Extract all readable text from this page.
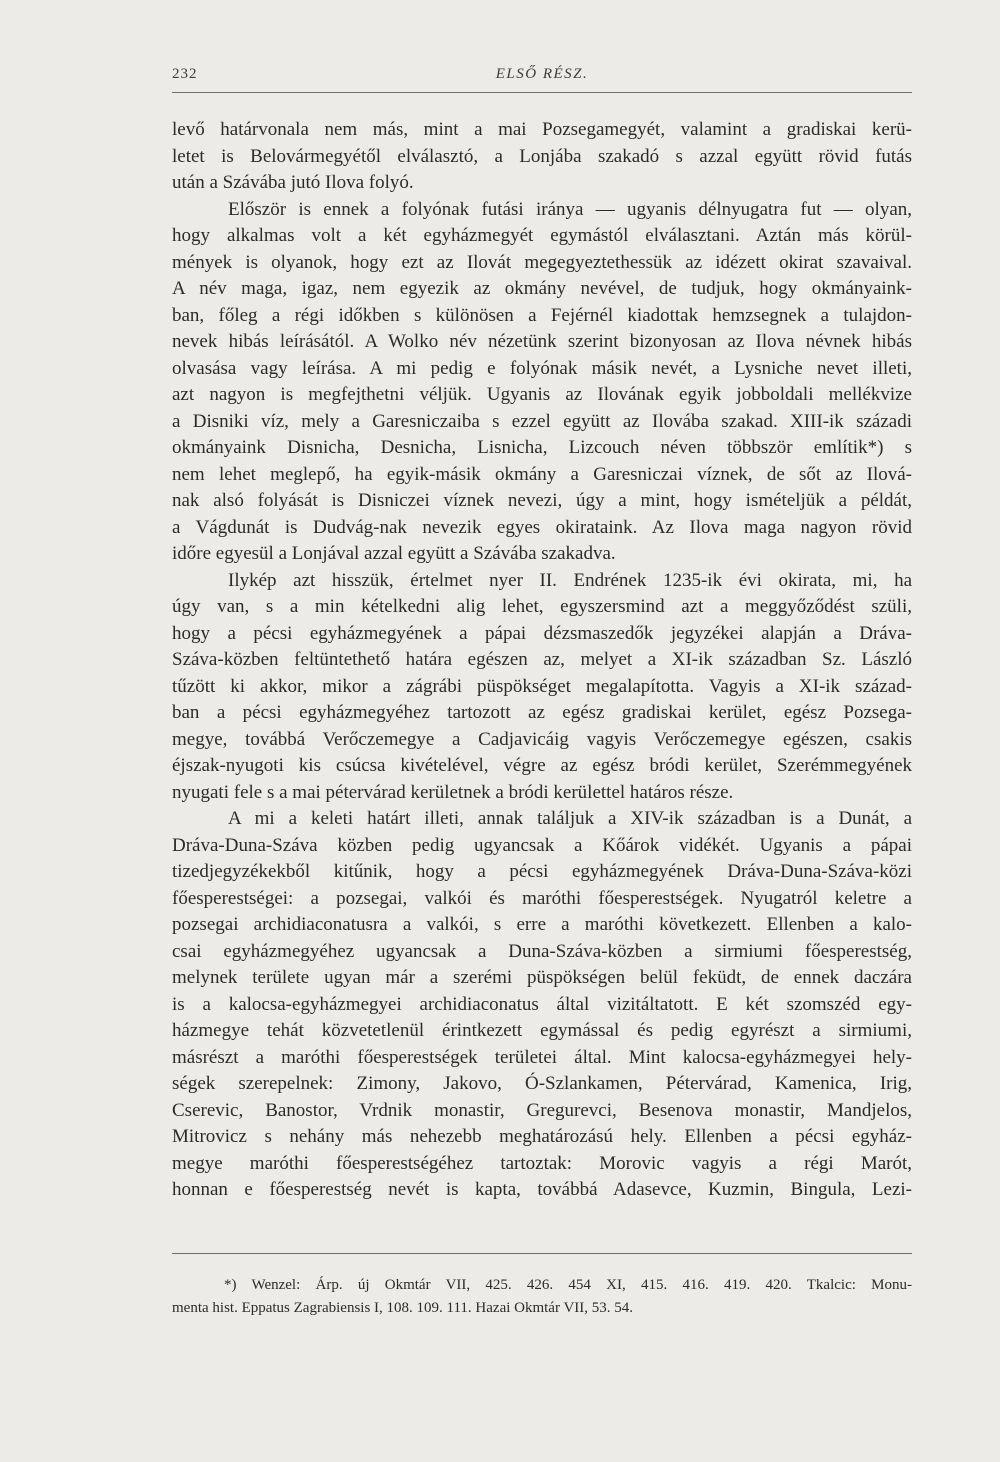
232	ELSŐ RÉSZ.
levő határvonala nem más, mint a mai Pozsegamegyét, valamint a gradiskai kerü-
letet is Belovármegyétől elválasztó, a Lonjába szakadó s azzal együtt rövid futás
után a Szávába jutó Ilova folyó.
Először is ennek a folyónak futási iránya — ugyanis délnyugatra fut — olyan,
hogy alkalmas volt a két egyházmegyét egymástól elválasztani. Aztán más körül-
mények is olyanok, hogy ezt az Ilovát megegyeztethessük az idézett okirat szavaival.
A név maga, igaz, nem egyezik az okmány nevével, de tudjuk, hogy okmányaink-
ban, főleg a régi időkben s különösen a Fejérnél kiadottak hemzsegnek a tulajdon-
nevek hibás leírásától. A Wolko név nézetünk szerint bizonyosan az Ilova névnek hibás
olvasása vagy leírása. A mi pedig e folyónak másik nevét, a Lysniche nevet illeti,
azt nagyon is megfejthetni véljük. Ugyanis az Ilovának egyik jobboldali mellékvize
a Disniki víz, mely a Garesniczaiba s ezzel együtt az Ilovába szakad. XIII-ik századi
okmányaink Disnicha, Desnicha, Lisnicha, Lizcouch néven többször említik*) s
nem lehet meglepő, ha egyik-másik okmány a Garesniczai víznek, de sőt az Ilová-
nak alsó folyását is Disniczei víznek nevezi, úgy a mint, hogy ismételjük a példát,
a Vágdunát is Dudvág-nak nevezik egyes okirataink. Az Ilova maga nagyon rövid
időre egyesül a Lonjával azzal együtt a Szávába szakadva.
Ilykép azt hisszük, értelmet nyer II. Endrének 1235-ik évi okirata, mi, ha
úgy van, s a min kételkedni alig lehet, egyszersmind azt a meggyőződést szüli,
hogy a pécsi egyházmegyének a pápai dézsmaszedők jegyzékei alapján a Dráva-
Száva-közben feltüntethető határa egészen az, melyet a XI-ik században Sz. László
tűzött ki akkor, mikor a zágrábi püspökséget megalapította. Vagyis a XI-ik század-
ban a pécsi egyházmegyéhez tartozott az egész gradiskai kerület, egész Pozsega-
megye, továbbá Verőczemegye a Cadjavicáig vagyis Verőczemegye egészen, csakis
éjszak-nyugoti kis csúcsa kivételével, végre az egész bródi kerület, Szerémmegyének
nyugati fele s a mai pétervárad kerületnek a bródi kerülettel határos része.
A mi a keleti határt illeti, annak találjuk a XIV-ik században is a Dunát, a
Dráva-Duna-Száva közben pedig ugyancsak a Kőárok vidékét. Ugyanis a pápai
tizedjegyzékekből kitűnik, hogy a pécsi egyházmegyének Dráva-Duna-Száva-közi
főesperestségei: a pozsegai, valkói és maróthi főesperestségek. Nyugatról keletre a
pozsegai archidiaconatusra a valkói, s erre a maróthi következett. Ellenben a kalo-
csai egyházmegyéhez ugyancsak a Duna-Száva-közben a sirmiumi főesperestség,
melynek területe ugyan már a szerémi püspökségen belül feküdt, de ennek daczára
is a kalocsa-egyházmegyei archidiaconatus által vizitáltatott. E két szomszéd egy-
házmegye tehát közvetetlenül érintkezett egymással és pedig egyrészt a sirmiumi,
másrészt a maróthi főesperestségek területei által. Mint kalocsa-egyházmegyei hely-
ségek szerepelnek: Zimony, Jakovo, Ó-Szlankamen, Pétervárad, Kamenica, Irig,
Cserevic, Banostor, Vrdnik monastir, Gregurevci, Besenova monastir, Mandjelos,
Mitrovicz s nehány más nehezebb meghatározású hely. Ellenben a pécsi egyház-
megye maróthi főesperestségéhez tartoztak: Morovic vagyis a régi Marót,
honnan e főesperestség nevét is kapta, továbbá Adasevce, Kuzmin, Bingula, Lezi-
*) Wenzel: Árp. új Okmtár VII, 425. 426. 454 XI, 415. 416. 419. 420. Tkalcic: Monu-
menta hist. Eppatus Zagrabiensis I, 108. 109. 111. Hazai Okmtár VII, 53. 54.
